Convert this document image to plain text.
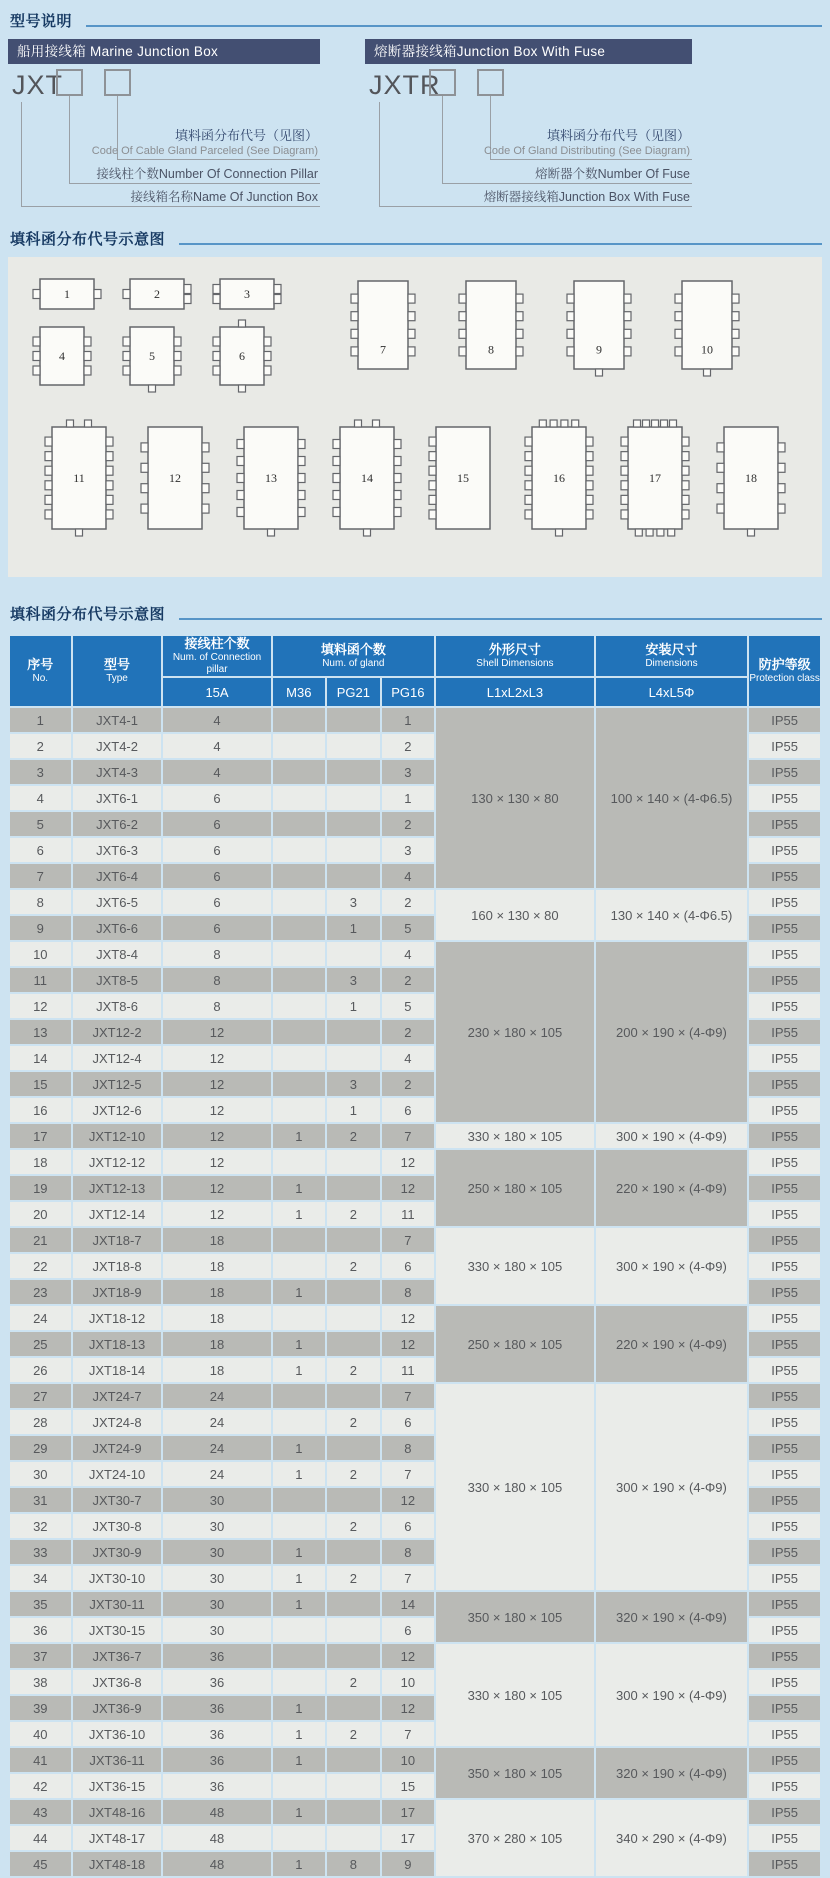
型号说明
船用接线箱 Marine Junction Box
JXT
填料函分布代号（见图）
Code Of Cable Gland Parceled (See Diagram)
接线柱个数Number Of Connection Pillar
接线箱名称Name Of Junction Box
熔断器接线箱Junction Box With Fuse
JXTR
填料函分布代号（见图）
Code Of Gland Distributing (See Diagram)
熔断器个数Number Of Fuse
熔断器接线箱Junction Box With Fuse
填科函分布代号示意图
1	2	3
4	5	6	7	8	9	10
11	12	13	14	15	16	17	18
填科函分布代号示意图
序号
No.	型号
Type	接线柱个数
Num. of Connection pillar	填料函个数
Num. of gland			外形尺寸
Shell Dimensions	安装尺寸
Dimensions	防护等级
Protection class

		15A	M36	PG21	PG16	L1xL2xL3	L4xL5Φ	
1	JXT4-1	4			1	130 × 130 × 80	100 × 140 × (4-Φ6.5)	IP55
2	JXT4-2	4			2			IP55
3	JXT4-3	4			3			IP55
4	JXT6-1	6			1			IP55
5	JXT6-2	6			2			IP55
6	JXT6-3	6			3			IP55
7	JXT6-4	6			4			IP55
8	JXT6-5	6		3	2	160 × 130 × 80	130 × 140 × (4-Φ6.5)	IP55
9	JXT6-6	6		1	5			IP55
10	JXT8-4	8			4	230 × 180 × 105	200 × 190 × (4-Φ9)	IP55
11	JXT8-5	8		3	2			IP55
12	JXT8-6	8		1	5			IP55
13	JXT12-2	12			2			IP55
14	JXT12-4	12			4			IP55
15	JXT12-5	12		3	2			IP55
16	JXT12-6	12		1	6			IP55
17	JXT12-10	12	1	2	7	330 × 180 × 105	300 × 190 × (4-Φ9)	IP55
18	JXT12-12	12			12	250 × 180 × 105	220 × 190 × (4-Φ9)	IP55
19	JXT12-13	12	1		12			IP55
20	JXT12-14	12	1	2	11			IP55
21	JXT18-7	18			7	330 × 180 × 105	300 × 190 × (4-Φ9)	IP55
22	JXT18-8	18		2	6			IP55
23	JXT18-9	18	1		8			IP55
24	JXT18-12	18			12	250 × 180 × 105	220 × 190 × (4-Φ9)	IP55
25	JXT18-13	18	1		12			IP55
26	JXT18-14	18	1	2	11			IP55
27	JXT24-7	24			7	330 × 180 × 105	300 × 190 × (4-Φ9)	IP55
28	JXT24-8	24		2	6			IP55
29	JXT24-9	24	1		8			IP55
30	JXT24-10	24	1	2	7			IP55
31	JXT30-7	30			12			IP55
32	JXT30-8	30		2	6			IP55
33	JXT30-9	30	1		8			IP55
34	JXT30-10	30	1	2	7			IP55
35	JXT30-11	30	1		14	350 × 180 × 105	320 × 190 × (4-Φ9)	IP55
36	JXT30-15	30			6			IP55
37	JXT36-7	36			12	330 × 180 × 105	300 × 190 × (4-Φ9)	IP55
38	JXT36-8	36		2	10			IP55
39	JXT36-9	36	1		12			IP55
40	JXT36-10	36	1	2	7			IP55
41	JXT36-11	36	1		10	350 × 180 × 105	320 × 190 × (4-Φ9)	IP55
42	JXT36-15	36			15			IP55
43	JXT48-16	48	1		17	370 × 280 × 105	340 × 290 × (4-Φ9)	IP55
44	JXT48-17	48			17			IP55
45	JXT48-18	48	1	8	9			IP55
